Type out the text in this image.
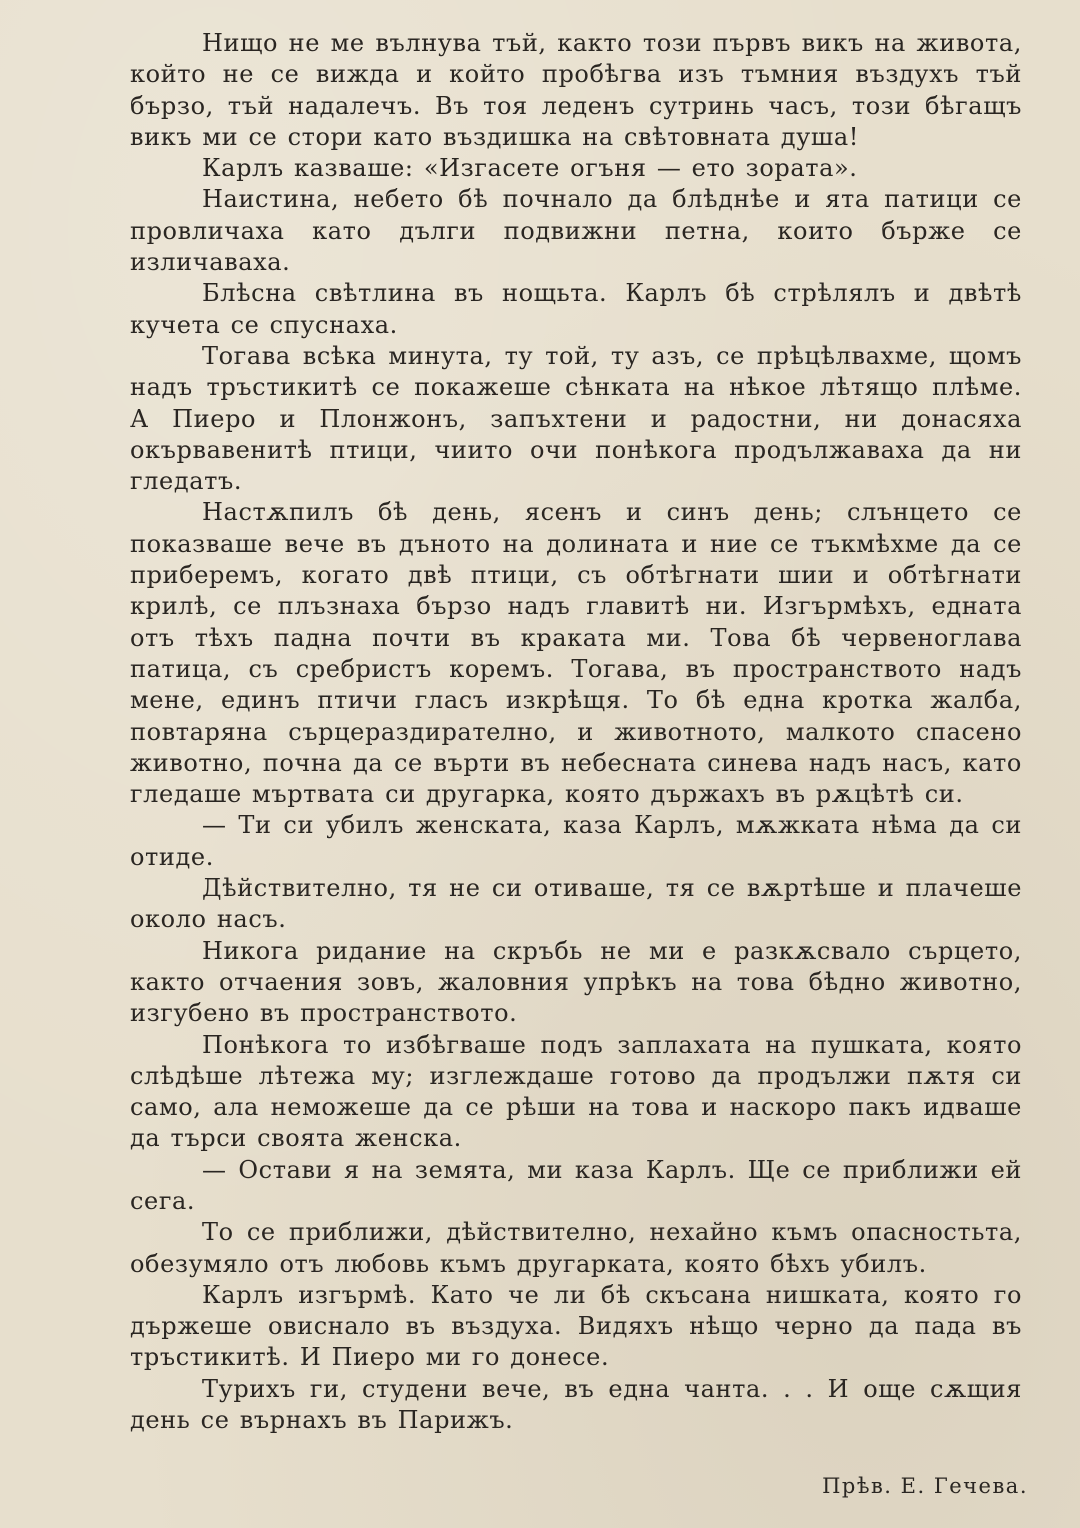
Нищо не ме вълнува тъй, както този първъ викъ на живота, който не се вижда и който пробѣгва изъ тъмния въздухъ тъй бързо, тъй надалечъ. Въ тоя леденъ сутринь часъ, този бѣгащъ викъ ми се стори като въздишка на свѣтовната душа!

Карлъ казваше: «Изгасете огъня — ето зората».

Наистина, небето бѣ почнало да блѣднѣе и ята патици се провличаха като дълги подвижни петна, които бърже се изличаваха.

Блѣсна свѣтлина въ нощьта. Карлъ бѣ стрѣлялъ и двѣтѣ кучета се спуснаха.

Тогава всѣка минута, ту той, ту азъ, се прѣцѣлвахме, щомъ надъ тръстикитѣ се покажеше сѣнката на нѣкое лѣтящо плѣме. А Пиеро и Плонжонъ, запъхтени и радостни, ни донасяха окървавенитѣ птици, чиито очи понѣкога продължаваха да ни гледатъ.

Настѫпилъ бѣ день, ясенъ и синъ день; слънцето се показваше вече въ дъното на долината и ние се тъкмѣхме да се приберемъ, когато двѣ птици, съ обтѣгнати шии и обтѣгнати крилѣ, се плъзнаха бързо надъ главитѣ ни. Изгърмѣхъ, едната отъ тѣхъ падна почти въ краката ми. Това бѣ червеноглава патица, съ сребристъ коремъ. Тогава, въ пространството надъ мене, единъ птичи гласъ изкрѣщя. То бѣ една кротка жалба, повтаряна сърцераздирателно, и животното, малкото спасено животно, почна да се върти въ небесната синева надъ насъ, като гледаше мъртвата си другарка, която държахъ въ рѫцѣтѣ си.

— Ти си убилъ женската, каза Карлъ, мѫжката нѣма да си отиде.

Дѣйствително, тя не си отиваше, тя се вѫртѣше и плачеше около насъ.

Никога ридание на скръбь не ми е разкѫсвало сърцето, както отчаения зовъ, жаловния упрѣкъ на това бѣдно животно, изгубено въ пространството.

Понѣкога то избѣгваше подъ заплахата на пушката, която слѣдѣше лѣтежа му; изглеждаше готово да продължи пѫтя си само, ала неможеше да се рѣши на това и наскоро пакъ идваше да търси своята женска.

— Остави я на земята, ми каза Карлъ. Ще се приближи ей сега.

То се приближи, дѣйствително, нехайно къмъ опасностьта, обезумяло отъ любовь къмъ другарката, която бѣхъ убилъ.

Карлъ изгърмѣ. Като че ли бѣ скъсана нишката, която го държеше овиснало въ въздуха. Видяхъ нѣщо черно да пада въ тръстикитѣ. И Пиеро ми го донесе.

Турихъ ги, студени вече, въ една чанта. . . И още сѫщия день се върнахъ въ Парижъ.

Прѣв. Е. Гечева.
